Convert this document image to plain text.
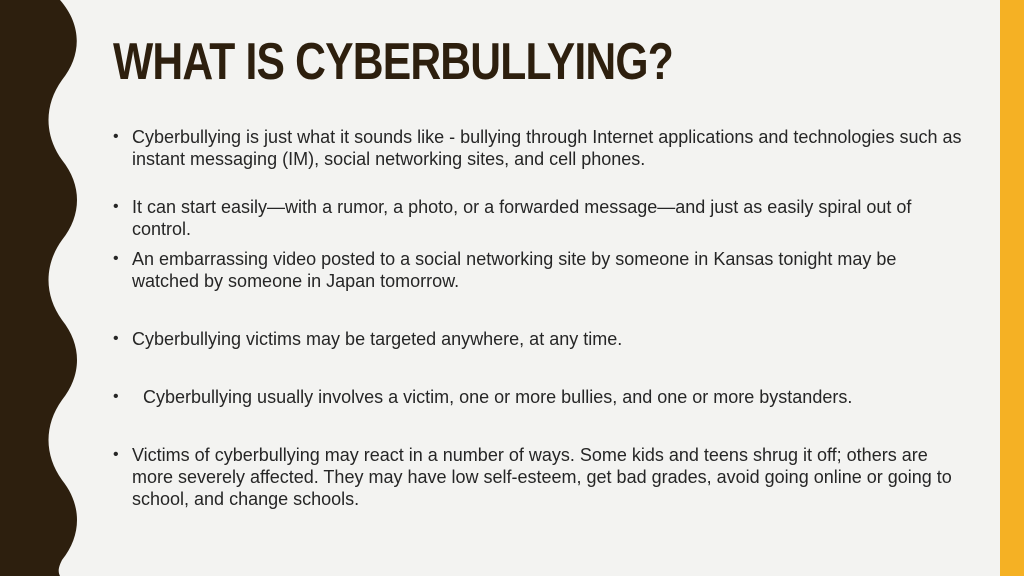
WHAT IS CYBERBULLYING?
• Cyberbullying is just what it sounds like - bullying through Internet applications and technologies such as instant messaging (IM), social networking sites, and cell phones.
• It can start easily—with a rumor, a photo, or a forwarded message—and just as easily spiral out of control.
• An embarrassing video posted to a social networking site by someone in Kansas tonight may be watched by someone in Japan tomorrow.
• Cyberbullying victims may be targeted anywhere, at any time.
• Cyberbullying usually involves a victim, one or more bullies, and one or more bystanders.
• Victims of cyberbullying may react in a number of ways. Some kids and teens shrug it off; others are more severely affected. They may have low self-esteem, get bad grades, avoid going online or going to school, and change schools.
